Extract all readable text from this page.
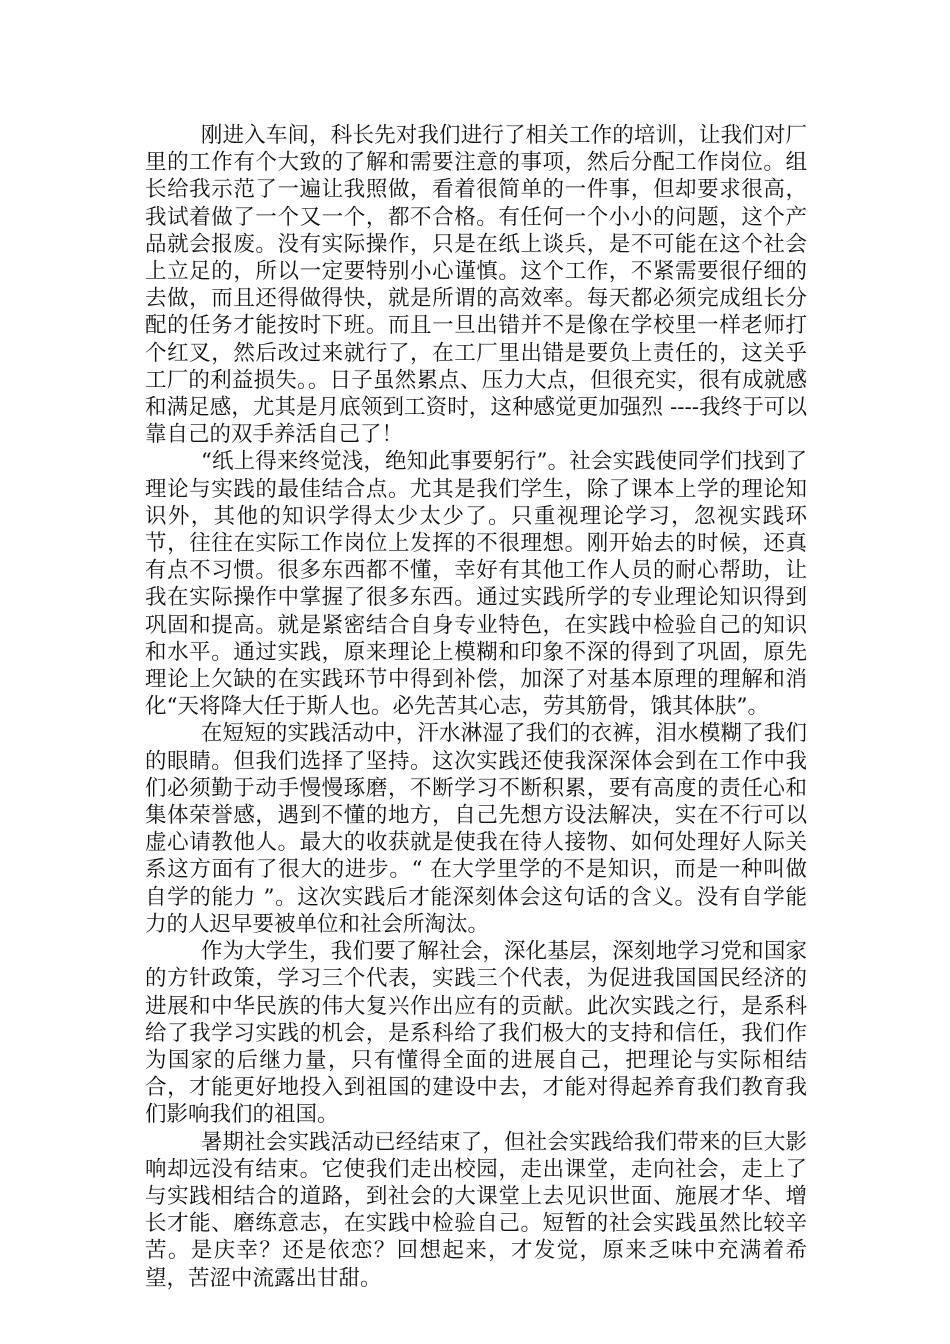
刚进入车间，科长先对我们进行了相关工作的培训，让我们对厂里的工作有个大致的了解和需要注意的事项，然后分配工作岗位。组长给我示范了一遍让我照做，看着很简单的一件事，但却要求很高，我试着做了一个又一个，都不合格。有任何一个小小的问题，这个产品就会报废。没有实际操作，只是在纸上谈兵，是不可能在这个社会上立足的，所以一定要特别小心谨慎。这个工作，不紧需要很仔细的去做，而且还得做得快，就是所谓的高效率。每天都必须完成组长分配的任务才能按时下班。而且一旦出错并不是像在学校里一样老师打个红叉，然后改过来就行了，在工厂里出错是要负上责任的，这关乎工厂的利益损失。。日子虽然累点、压力大点，但很充实，很有成就感和满足感，尤其是月底领到工资时，这种感觉更加强烈 ----我终于可以靠自己的双手养活自己了！

“纸上得来终觉浅，绝知此事要躬行”。社会实践使同学们找到了理论与实践的最佳结合点。尤其是我们学生，除了课本上学的理论知识外，其他的知识学得太少太少了。只重视理论学习，忽视实践环节，往往在实际工作岗位上发挥的不很理想。刚开始去的时候，还真有点不习惯。很多东西都不懂，幸好有其他工作人员的耐心帮助，让我在实际操作中掌握了很多东西。通过实践所学的专业理论知识得到巩固和提高。就是紧密结合自身专业特色，在实践中检验自己的知识和水平。通过实践，原来理论上模糊和印象不深的得到了巩固，原先理论上欠缺的在实践环节中得到补偿，加深了对基本原理的理解和消化“天将降大任于斯人也。必先苦其心志，劳其筋骨，饿其体肤”。

在短短的实践活动中，汗水淋湿了我们的衣裤，泪水模糊了我们的眼睛。但我们选择了坚持。这次实践还使我深深体会到在工作中我们必须勤于动手慢慢琢磨，不断学习不断积累，要有高度的责任心和集体荣誉感，遇到不懂的地方，自己先想方设法解决，实在不行可以虚心请教他人。最大的收获就是使我在待人接物、如何处理好人际关系这方面有了很大的进步。“ 在大学里学的不是知识，而是一种叫做自学的能力 ”。这次实践后才能深刻体会这句话的含义。没有自学能力的人迟早要被单位和社会所淘汰。

作为大学生，我们要了解社会，深化基层，深刻地学习党和国家的方针政策，学习三个代表，实践三个代表，为促进我国国民经济的进展和中华民族的伟大复兴作出应有的贡献。此次实践之行，是系科给了我学习实践的机会，是系科给了我们极大的支持和信任，我们作为国家的后继力量，只有懂得全面的进展自己，把理论与实际相结合，才能更好地投入到祖国的建设中去，才能对得起养育我们教育我们影响我们的祖国。

暑期社会实践活动已经结束了，但社会实践给我们带来的巨大影响却远没有结束。它使我们走出校园，走出课堂，走向社会，走上了与实践相结合的道路，到社会的大课堂上去见识世面、施展才华、增长才能、磨练意志，在实践中检验自己。短暂的社会实践虽然比较辛苦。是庆幸？还是依恋？回想起来，才发觉，原来乏味中充满着希望，苦涩中流露出甘甜。
